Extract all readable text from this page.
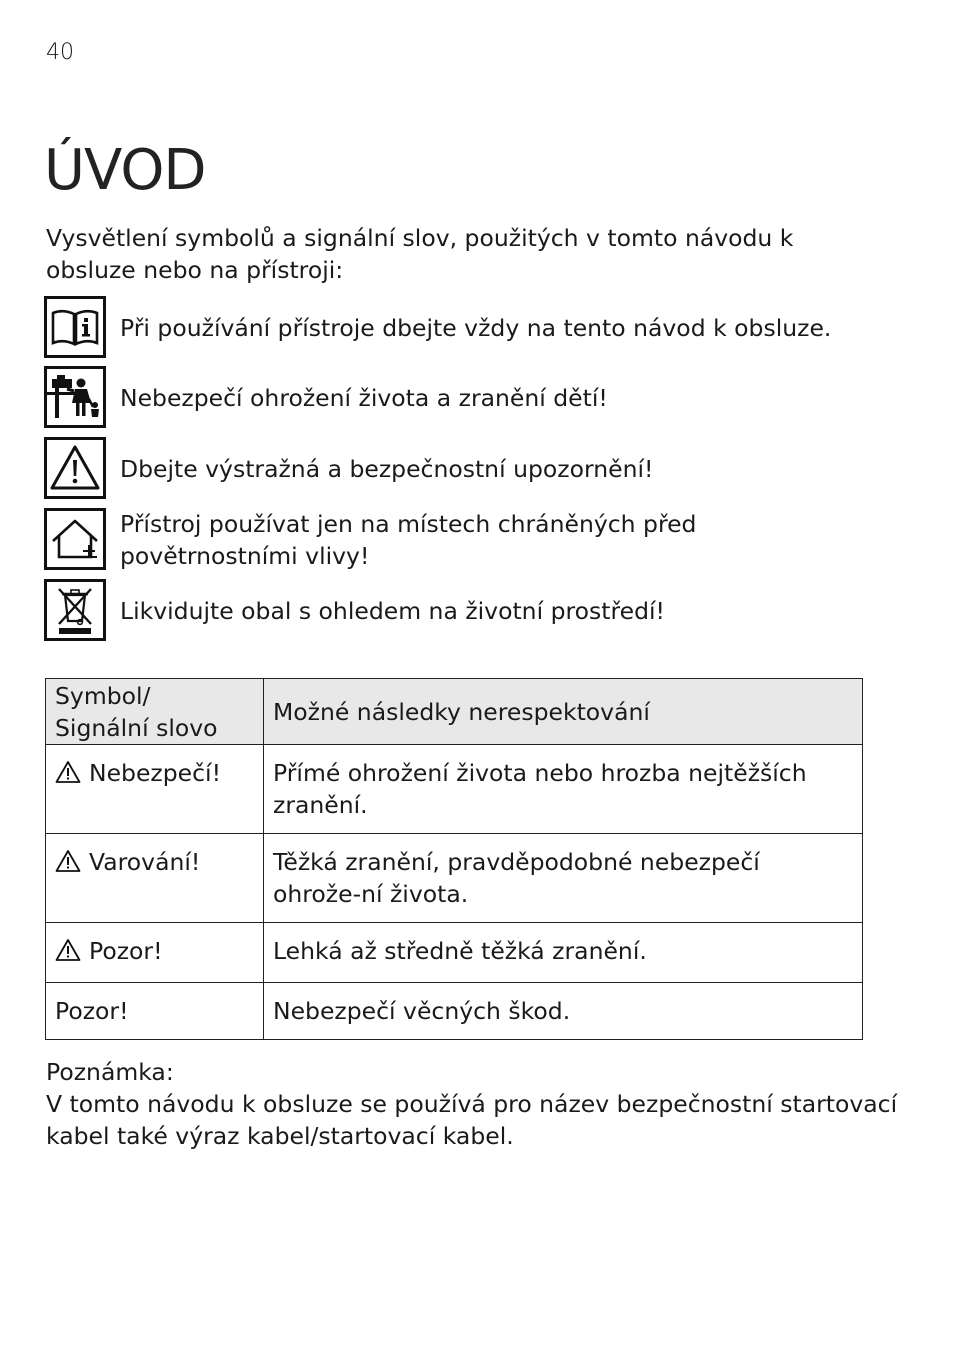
40
ÚVOD

Vysvětlení symbolů a signální slov, použitých v tomto návodu k obsluze nebo na přístroji:

Při používání přístroje dbejte vždy na tento návod k obsluze.
Nebezpečí ohrožení života a zranění dětí!
Dbejte výstražná a bezpečnostní upozornění!
Přístroj používat jen na místech chráněných před povětrnostními vlivy!
Likvidujte obal s ohledem na životní prostředí!
Symbol/
Signální slovo	Možné následky nerespektování
Nebezpečí!	Přímé ohrožení života nebo hrozba nejtěžších zranění.
Varování!	Těžká zranění, pravděpodobné nebezpečí ohrože-ní života.
Pozor!	Lehká až středně těžká zranění.
Pozor!	Nebezpečí věcných škod.
Poznámka:
V tomto návodu k obsluze se používá pro název bezpečnostní startovací kabel také výraz kabel/startovací kabel.
